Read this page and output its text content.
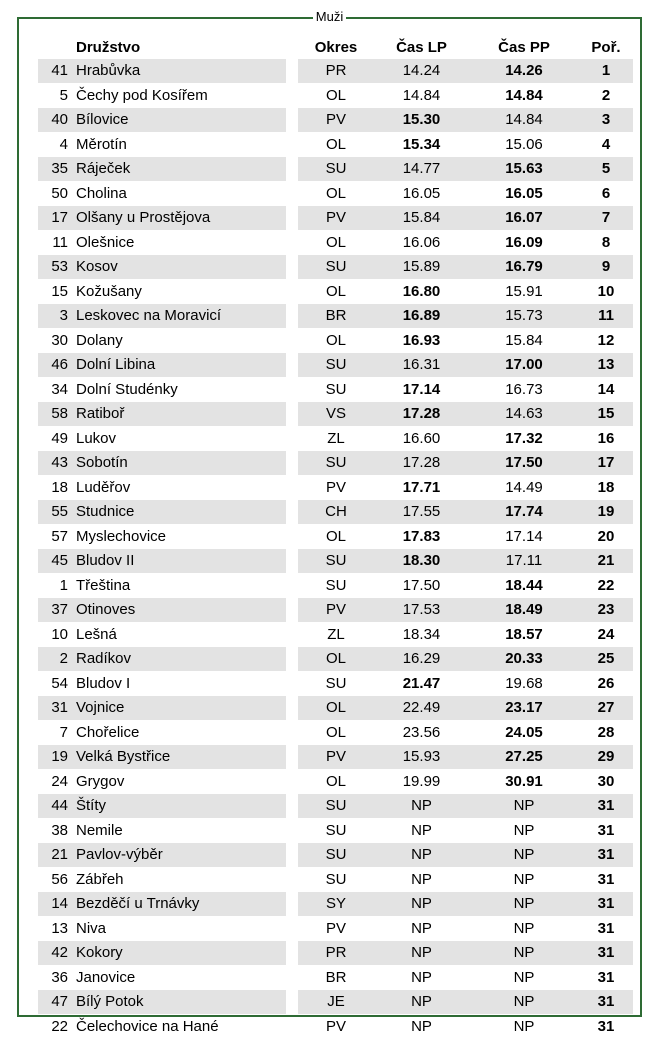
Muži
	Družstvo		Okres	Čas LP	Čas PP	Poř.
41	Hrabůvka		PR	14.24	14.26	1
5	Čechy pod Kosířem		OL	14.84	14.84	2
40	Bílovice		PV	15.30	14.84	3
4	Měrotín		OL	15.34	15.06	4
35	Ráječek		SU	14.77	15.63	5
50	Cholina		OL	16.05	16.05	6
17	Olšany u Prostějova		PV	15.84	16.07	7
11	Olešnice		OL	16.06	16.09	8
53	Kosov		SU	15.89	16.79	9
15	Kožušany		OL	16.80	15.91	10
3	Leskovec na Moravicí		BR	16.89	15.73	11
30	Dolany		OL	16.93	15.84	12
46	Dolní Libina		SU	16.31	17.00	13
34	Dolní Studénky		SU	17.14	16.73	14
58	Ratiboř		VS	17.28	14.63	15
49	Lukov		ZL	16.60	17.32	16
43	Sobotín		SU	17.28	17.50	17
18	Luděřov		PV	17.71	14.49	18
55	Studnice		CH	17.55	17.74	19
57	Myslechovice		OL	17.83	17.14	20
45	Bludov II		SU	18.30	17.11	21
1	Třeština		SU	17.50	18.44	22
37	Otinoves		PV	17.53	18.49	23
10	Lešná		ZL	18.34	18.57	24
2	Radíkov		OL	16.29	20.33	25
54	Bludov I		SU	21.47	19.68	26
31	Vojnice		OL	22.49	23.17	27
7	Chořelice		OL	23.56	24.05	28
19	Velká Bystřice		PV	15.93	27.25	29
24	Grygov		OL	19.99	30.91	30
44	Štíty		SU	NP	NP	31
38	Nemile		SU	NP	NP	31
21	Pavlov-výběr		SU	NP	NP	31
56	Zábřeh		SU	NP	NP	31
14	Bezděčí u Trnávky		SY	NP	NP	31
13	Niva		PV	NP	NP	31
42	Kokory		PR	NP	NP	31
36	Janovice		BR	NP	NP	31
47	Bílý Potok		JE	NP	NP	31
22	Čelechovice na Hané		PV	NP	NP	31
